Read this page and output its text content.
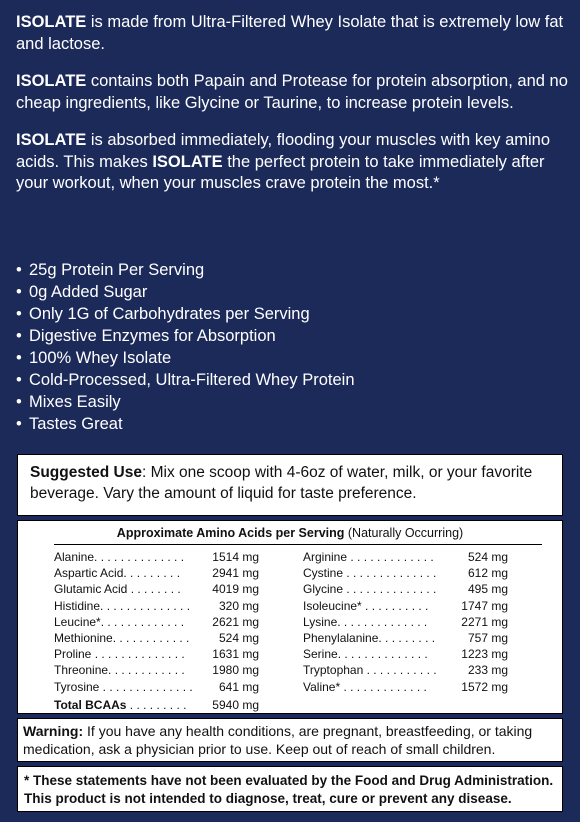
ISOLATE is made from Ultra-Filtered Whey Isolate that is extremely low fat and lactose.

ISOLATE contains both Papain and Protease for protein absorption, and no cheap ingredients, like Glycine or Taurine, to increase protein levels.

ISOLATE is absorbed immediately, flooding your muscles with key amino acids. This makes ISOLATE the perfect protein to take immediately after your workout, when your muscles crave protein the most.*

• 25g Protein Per Serving
• 0g Added Sugar
• Only 1G of Carbohydrates per Serving
• Digestive Enzymes for Absorption
• 100% Whey Isolate
• Cold-Processed, Ultra-Filtered Whey Protein
• Mixes Easily
• Tastes Great
Suggested Use: Mix one scoop with 4-6oz of water, milk, or your favorite beverage. Vary the amount of liquid for taste preference.
Approximate Amino Acids per Serving (Naturally Occurring)
Alanine. . . . . . . . . . . . . .	1514 mg
Aspartic Acid. . . . . . . . .	2941 mg
Glutamic Acid . . . . . . . .	4019 mg
Histidine. . . . . . . . . . . . . .	320 mg
Leucine*. . . . . . . . . . . . .	2621 mg
Methionine. . . . . . . . . . . .	524 mg
Proline . . . . . . . . . . . . . .	1631 mg
Threonine. . . . . . . . . . . .	1980 mg
Tyrosine . . . . . . . . . . . . . .	641 mg
Arginine . . . . . . . . . . . . .	524 mg
Cystine . . . . . . . . . . . . . .	612 mg
Glycine . . . . . . . . . . . . . .	495 mg
Isoleucine* . . . . . . . . . .	1747 mg
Lysine. . . . . . . . . . . . . .	2271 mg
Phenylalanine. . . . . . . . .	757 mg
Serine. . . . . . . . . . . . . .	1223 mg
Tryptophan . . . . . . . . . . .	233 mg
Valine* . . . . . . . . . . . . .	1572 mg
Total BCAAs . . . . . . . . .	5940 mg
Warning: If you have any health conditions, are pregnant, breastfeeding, or taking medication, ask a physician prior to use. Keep out of reach of small children.
* These statements have not been evaluated by the Food and Drug Administration. This product is not intended to diagnose, treat, cure or prevent any disease.
